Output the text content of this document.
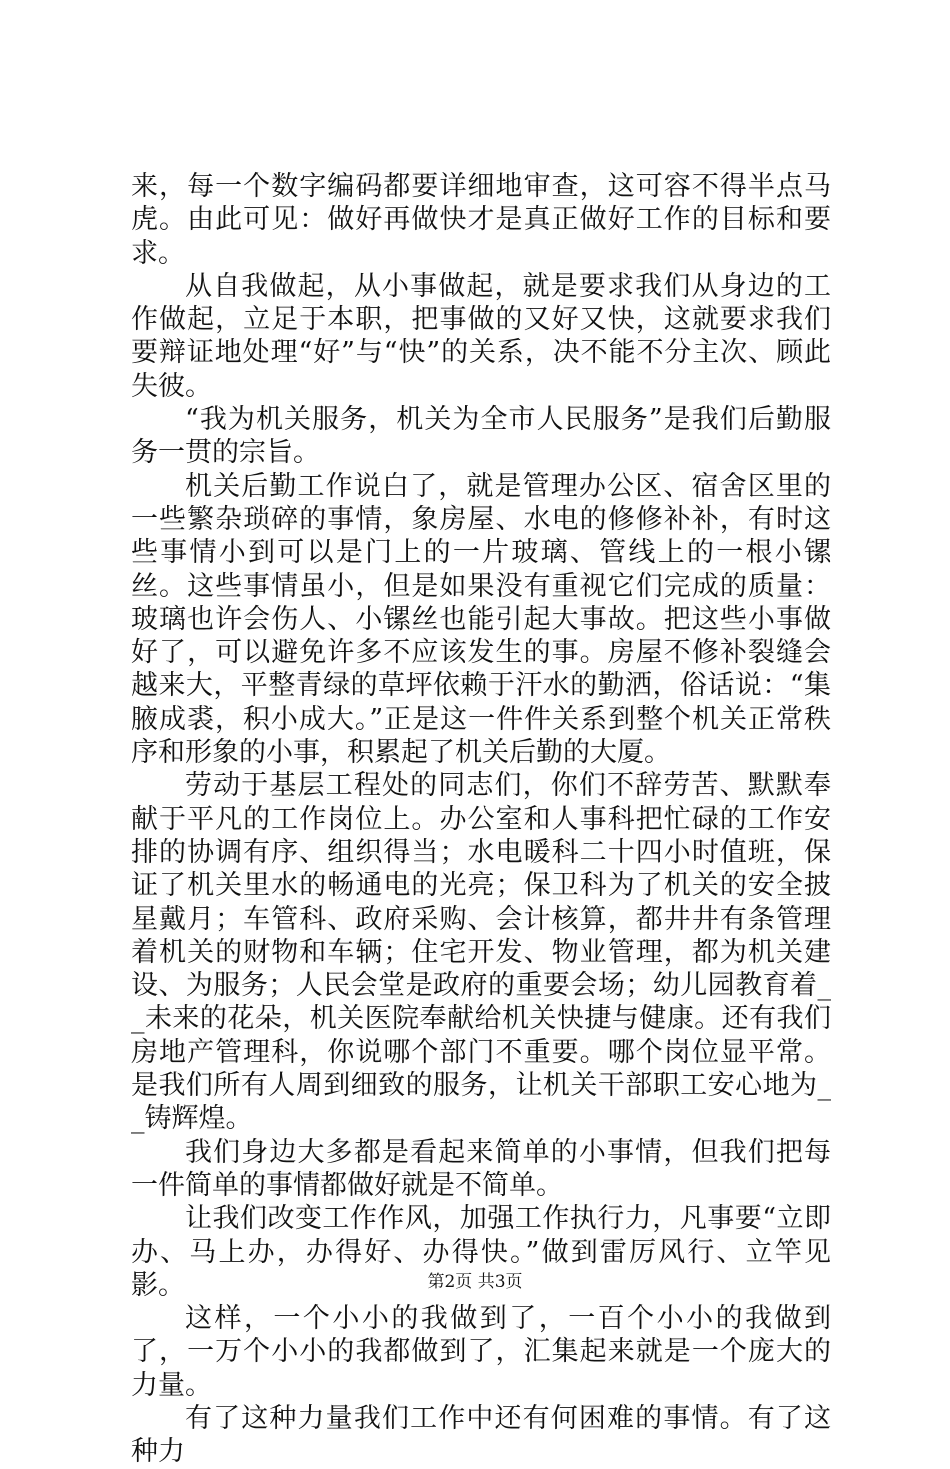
来，每一个数字编码都要详细地审查，这可容不得半点马虎。由此可见：做好再做快才是真正做好工作的目标和要求。

从自我做起，从小事做起，就是要求我们从身边的工作做起，立足于本职，把事做的又好又快，这就要求我们要辩证地处理“好”与“快”的关系，决不能不分主次、顾此失彼。

“我为机关服务，机关为全市人民服务”是我们后勤服务一贯的宗旨。

机关后勤工作说白了，就是管理办公区、宿舍区里的一些繁杂琐碎的事情，象房屋、水电的修修补补，有时这些事情小到可以是门上的一片玻璃、管线上的一根小镙丝。这些事情虽小，但是如果没有重视它们完成的质量：玻璃也许会伤人、小镙丝也能引起大事故。把这些小事做好了，可以避免许多不应该发生的事。房屋不修补裂缝会越来大，平整青绿的草坪依赖于汗水的勤洒，俗话说：“集腋成裘，积小成大。”正是这一件件关系到整个机关正常秩序和形象的小事，积累起了机关后勤的大厦。

劳动于基层工程处的同志们，你们不辞劳苦、默默奉献于平凡的工作岗位上。办公室和人事科把忙碌的工作安排的协调有序、组织得当；水电暖科二十四小时值班，保证了机关里水的畅通电的光亮；保卫科为了机关的安全披星戴月；车管科、政府采购、会计核算，都井井有条管理着机关的财物和车辆；住宅开发、物业管理，都为机关建设、为服务；人民会堂是政府的重要会场；幼儿园教育着__未来的花朵，机关医院奉献给机关快捷与健康。还有我们房地产管理科，你说哪个部门不重要。哪个岗位显平常。是我们所有人周到细致的服务，让机关干部职工安心地为__铸辉煌。

我们身边大多都是看起来简单的小事情，但我们把每一件简单的事情都做好就是不简单。

让我们改变工作作风，加强工作执行力，凡事要“立即办、马上办，办得好、办得快。”做到雷厉风行、立竿见影。

这样，一个小小的我做到了，一百个小小的我做到了，一万个小小的我都做到了，汇集起来就是一个庞大的力量。

有了这种力量我们工作中还有何困难的事情。有了这种力

第2页 共3页
